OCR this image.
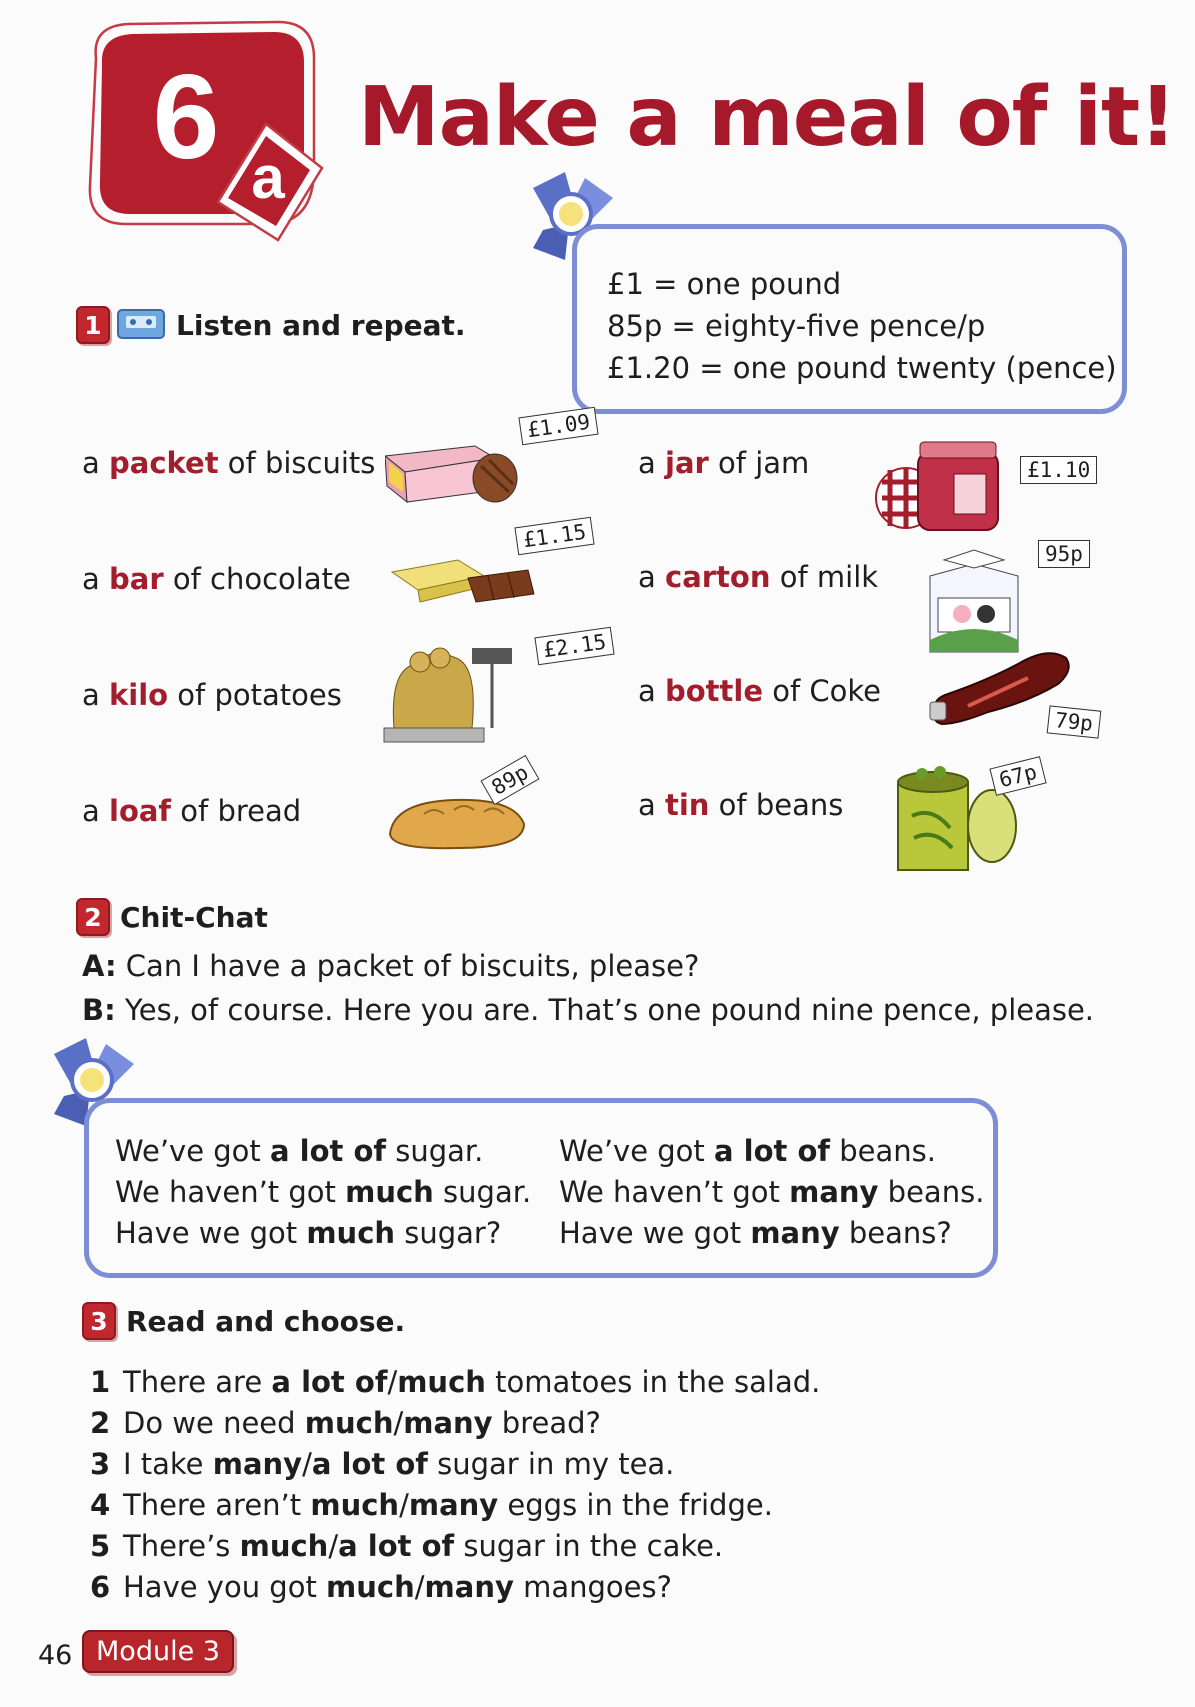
6 a
Make a meal of it!
£1 = one pound
85p = eighty-five pence/p
£1.20 = one pound twenty (pence)
1	Listen and repeat.
a packet of biscuits
a bar of chocolate
a kilo of potatoes
a loaf of bread
a jar of jam
a carton of milk
a bottle of Coke
a tin of beans
£1.09
£1.15
£2.15
89p
£1.10
95p
79p
67p
2 Chit-Chat
A: Can I have a packet of biscuits, please?
B: Yes, of course. Here you are. That’s one pound nine pence, please.
We’ve got a lot of sugar.
We haven’t got much sugar.
Have we got much sugar?
We’ve got a lot of beans.
We haven’t got many beans.
Have we got many beans?
3 Read and choose.
1 There are a lot of/much tomatoes in the salad.
2 Do we need much/many bread?
3 I take many/a lot of sugar in my tea.
4 There aren’t much/many eggs in the fridge.
5 There’s much/a lot of sugar in the cake.
6 Have you got much/many mangoes?
46 Module 3
